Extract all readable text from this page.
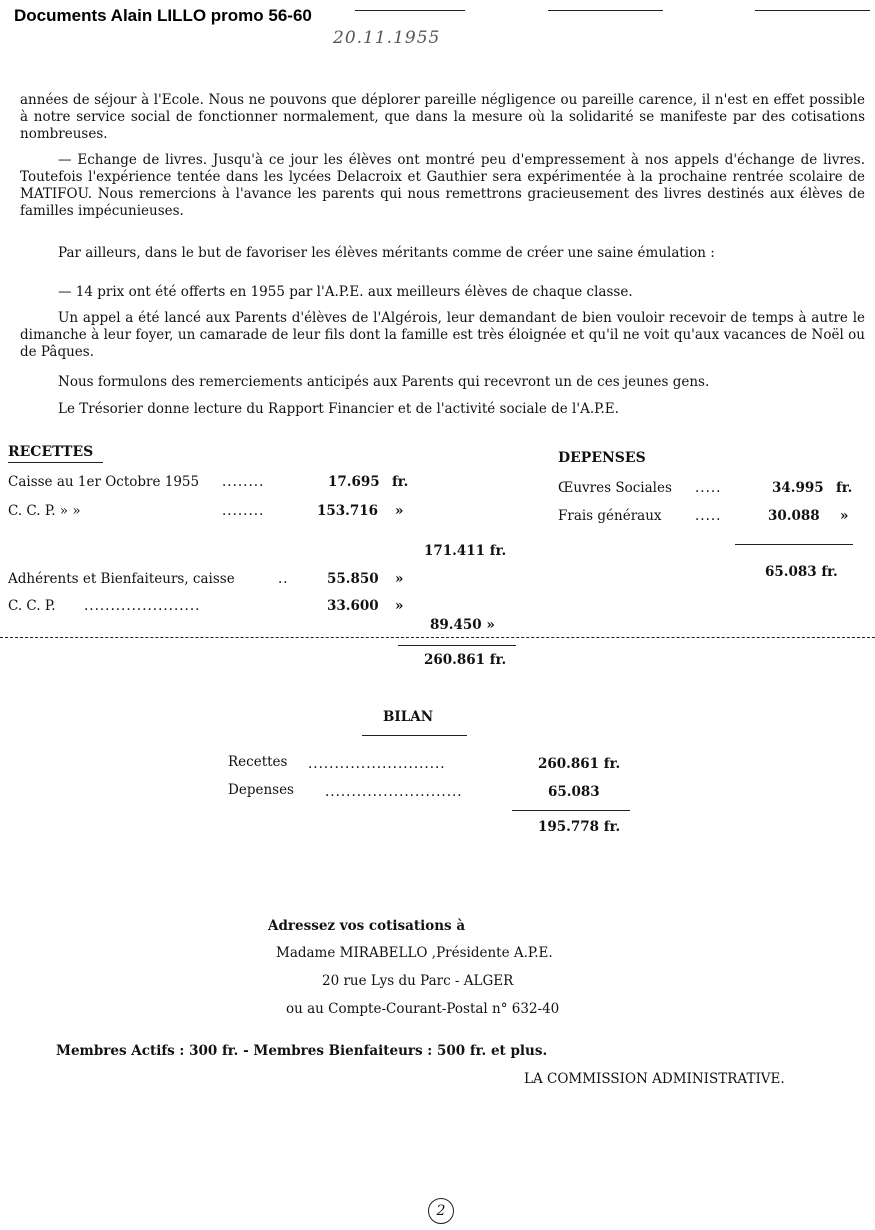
Documents Alain LILLO promo 56-60
20.11.1955
années de séjour à l'Ecole. Nous ne pouvons que déplorer pareille négligence ou pareille carence, il n'est en effet possible à notre service social de fonctionner normalement, que dans la mesure où la solidarité se manifeste par des cotisations nombreuses.
— Echange de livres. Jusqu'à ce jour les élèves ont montré peu d'empressement à nos appels d'échange de livres. Toutefois l'expérience tentée dans les lycées Delacroix et Gauthier sera expérimentée à la prochaine rentrée scolaire de MATIFOU. Nous remercions à l'avance les parents qui nous remettrons gracieusement des livres destinés aux élèves de familles impécunieuses.
Par ailleurs, dans le but de favoriser les élèves méritants comme de créer une saine émulation :
— 14 prix ont été offerts en 1955 par l'A.P.E. aux meilleurs élèves de chaque classe.
Un appel a été lancé aux Parents d'élèves de l'Algérois, leur demandant de bien vouloir recevoir de temps à autre le dimanche à leur foyer, un camarade de leur fils dont la famille est très éloignée et qu'il ne voit qu'aux vacances de Noël ou de Pâques.
Nous formulons des remerciements anticipés aux Parents qui recevront un de ces jeunes gens.
Le Trésorier donne lecture du Rapport Financier et de l'activité sociale de l'A.P.E.
RECETTES
Caisse au 1er Octobre 1955 ........	17.695 fr.
C. C. P. » »	........	153.716 »
171.411 fr.
Adhérents et Bienfaiteurs, caisse	..	55.850 »
C. C. P. ......................	33.600 »
89.450 »
260.861 fr.
DEPENSES
Œuvres Sociales .....	34.995 fr.
Frais généraux .....	30.088 »
65.083 fr.
BILAN
Recettes ..........................	260.861 fr.
Depenses ..........................	65.083
195.778 fr.
Adressez vos cotisations à
Madame MIRABELLO ,Présidente A.P.E.
20 rue Lys du Parc - ALGER
ou au Compte-Courant-Postal n° 632-40
Membres Actifs : 300 fr. - Membres Bienfaiteurs : 500 fr. et plus.
LA COMMISSION ADMINISTRATIVE.
2
